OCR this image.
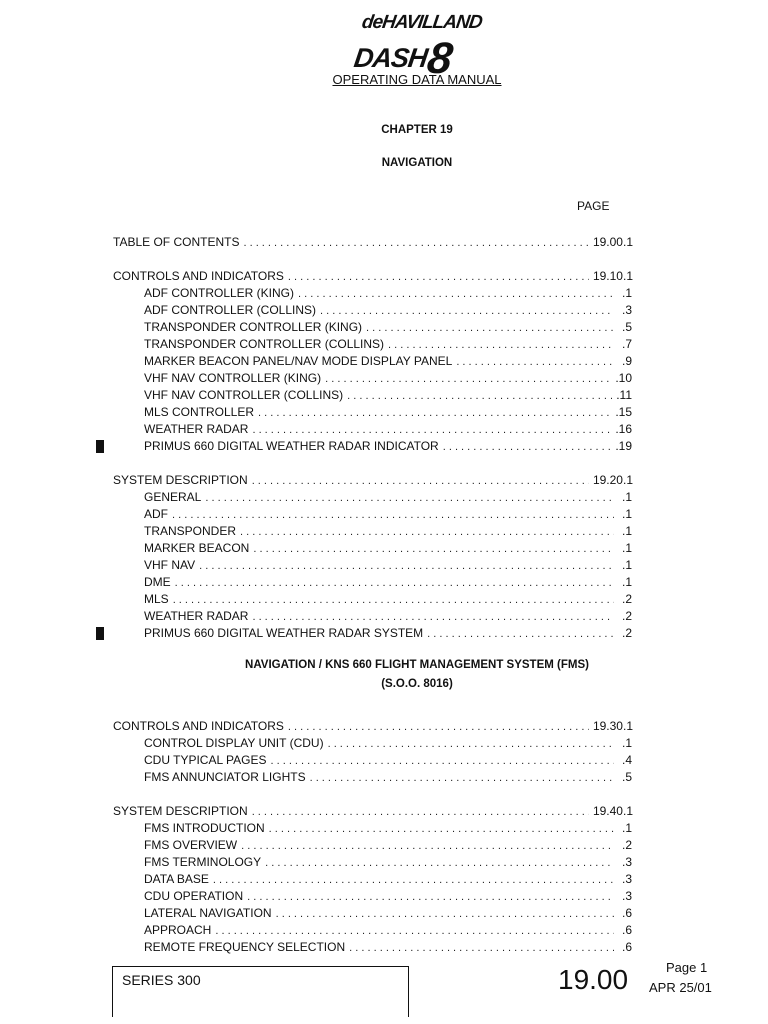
deHAVILLAND
DASH8
OPERATING DATA MANUAL
CHAPTER 19
NAVIGATION
PAGE
TABLE OF CONTENTS . . .	19.00.1
CONTROLS AND INDICATORS . . .	19.10.1
ADF CONTROLLER (KING) . . .	.1
ADF CONTROLLER (COLLINS) . . .	.3
TRANSPONDER CONTROLLER (KING) . . .	.5
TRANSPONDER CONTROLLER (COLLINS) . . .	.7
MARKER BEACON PANEL/NAV MODE DISPLAY PANEL . . .	.9
VHF NAV CONTROLLER (KING) . . .	.10
VHF NAV CONTROLLER (COLLINS) . . .	.11
MLS CONTROLLER . . .	.15
WEATHER RADAR . . .	.16
PRIMUS 660 DIGITAL WEATHER RADAR INDICATOR . . .	.19
SYSTEM DESCRIPTION . . .	19.20.1
GENERAL . . .	.1
ADF . . .	.1
TRANSPONDER . . .	.1
MARKER BEACON . . .	.1
VHF NAV . . .	.1
DME . . .	.1
MLS . . .	.2
WEATHER RADAR . . .	.2
PRIMUS 660 DIGITAL WEATHER RADAR SYSTEM . . .	.2
CONTROLS AND INDICATORS . . .	19.30.1
CONTROL DISPLAY UNIT (CDU) . . .	.1
CDU TYPICAL PAGES . . .	.4
FMS ANNUNCIATOR LIGHTS . . .	.5
SYSTEM DESCRIPTION . . .	19.40.1
FMS INTRODUCTION . . .	.1
FMS OVERVIEW . . .	.2
FMS TERMINOLOGY . . .	.3
DATA BASE . . .	.3
CDU OPERATION . . .	.3
LATERAL NAVIGATION . . .	.6
APPROACH . . .	.6
REMOTE FREQUENCY SELECTION . . .	.6
NAVIGATION / KNS 660 FLIGHT MANAGEMENT SYSTEM (FMS)
(S.O.O. 8016)
SERIES 300	19.00	Page 1
APR 25/01
